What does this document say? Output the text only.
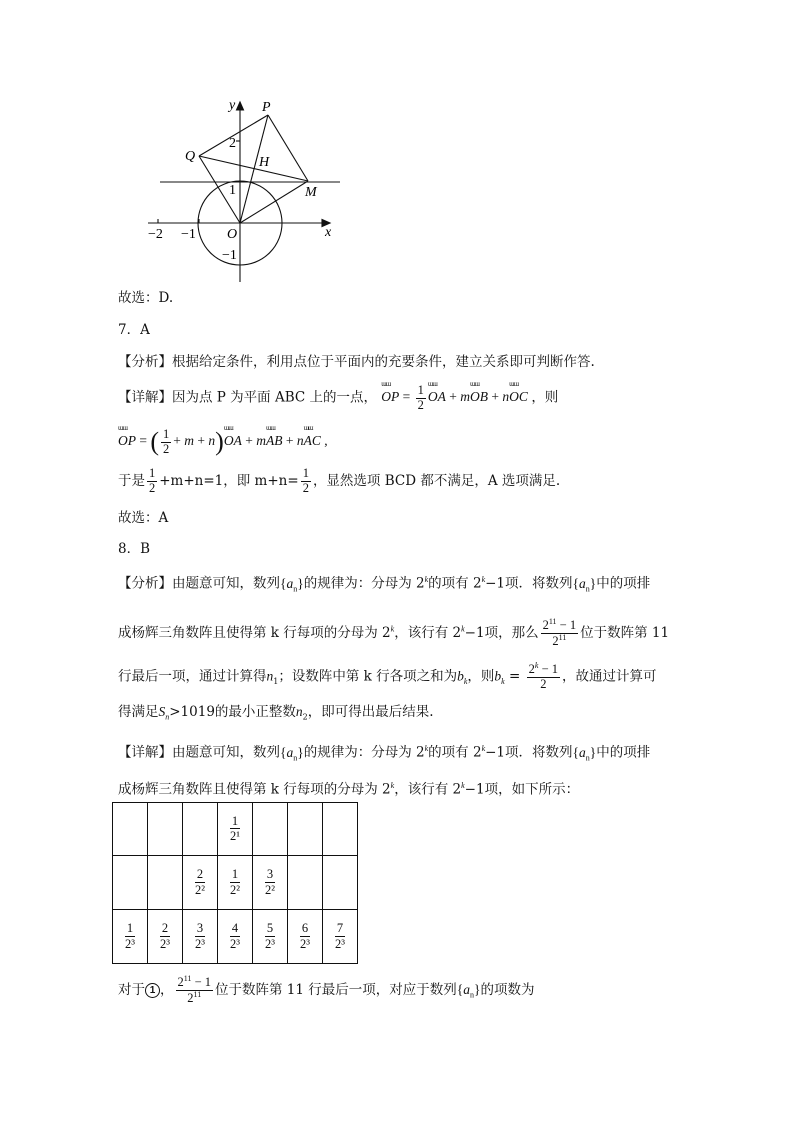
y
x
P
Q	H
M
O
2
1
−1
−2 −1
故选：D.
7．A
【分析】根据给定条件，利用点位于平面内的充要条件，建立关系即可判断作答.
【详解】因为点 P 为平面 ABC 上的一点， ɯɯ OP = $\frac{1}{2}$ ɯɯ OA + mɯɯ OB + nɯɯ OC ，则
ɯɯ OP = ( $\frac{1}{2} + m$ + n)ɯɯ OA + mɯɯ AB + nɯɯ AC ,
于是 $\frac{1}{2} +m+n=1$，即 $m+n= \frac{1}{2}$ ，显然选项 BCD 都不满足，A 选项满足.
故选：A
8．B
【分析】由题意可知，数列$\{a_n\}$的规律为：分母为 2$^k$的项有 $2^k-1$项．将数列$\{a_n\}$中的项排
成杨辉三角数阵且使得第 k 行每项的分母为 2$^k$，该行有 $2^k-1$项，那么 $\frac{2^{11} - 1}{2^{11}}$ 位于数阵第 11
行最后一项，通过计算得$n_1$；设数阵中第 k 行各项之和为$b_k$，则$b_k = \frac{2^k - 1}{2}$ ，故通过计算可
得满足$S_n>1019$的最小正整数$n_2$，即可得出最后结果.
【详解】由题意可知，数列$\{a_n\}$的规律为：分母为 2$^k$的项有 $2^k-1$项．将数列$\{a_n\}$中的项排
成杨辉三角数阵且使得第 k 行每项的分母为 2$^k$，该行有 $2^k-1$项，如下所示：

			$\frac{1}{\text{2¹}}$

		$\frac{2}{\text{2²}}$	$\frac{1}{\text{2²}}$	$\frac{3}{\text{2²}}$

$\frac{1}{\text{2³}}$	$\frac{2}{\text{2³}}$	$\frac{3}{\text{2³}}$	$\frac{4}{\text{2³}}$	$\frac{5}{\text{2³}}$	$\frac{6}{\text{2³}}$	$\frac{7}{\text{2³}}$
对于 1 ， $\frac{2^{11} - 1}{2^{11}}$ 位于数阵第 11 行最后一项，对应于数列$\{a_n\}$的项数为
